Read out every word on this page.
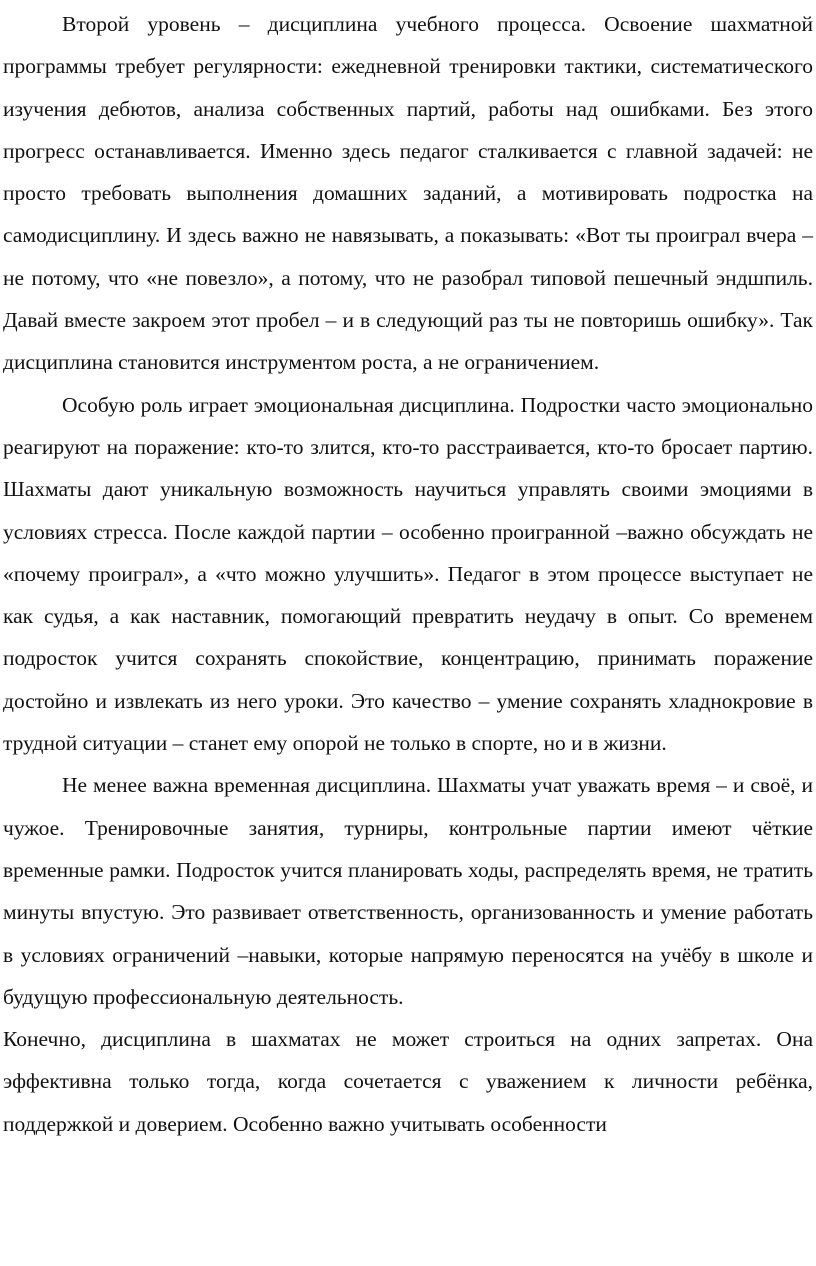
Второй уровень – дисциплина учебного процесса. Освоение шахматной программы требует регулярности: ежедневной тренировки тактики, систематического изучения дебютов, анализа собственных партий, работы над ошибками. Без этого прогресс останавливается. Именно здесь педагог сталкивается с главной задачей: не просто требовать выполнения домашних заданий, а мотивировать подростка на самодисциплину. И здесь важно не навязывать, а показывать: «Вот ты проиграл вчера – не потому, что «не повезло», а потому, что не разобрал типовой пешечный эндшпиль. Давай вместе закроем этот пробел – и в следующий раз ты не повторишь ошибку». Так дисциплина становится инструментом роста, а не ограничением.

Особую роль играет эмоциональная дисциплина. Подростки часто эмоционально реагируют на поражение: кто-то злится, кто-то расстраивается, кто-то бросает партию. Шахматы дают уникальную возможность научиться управлять своими эмоциями в условиях стресса. После каждой партии – особенно проигранной –важно обсуждать не «почему проиграл», а «что можно улучшить». Педагог в этом процессе выступает не как судья, а как наставник, помогающий превратить неудачу в опыт. Со временем подросток учится сохранять спокойствие, концентрацию, принимать поражение достойно и извлекать из него уроки. Это качество – умение сохранять хладнокровие в трудной ситуации – станет ему опорой не только в спорте, но и в жизни.

Не менее важна временная дисциплина. Шахматы учат уважать время – и своё, и чужое. Тренировочные занятия, турниры, контрольные партии имеют чёткие временные рамки. Подросток учится планировать ходы, распределять время, не тратить минуты впустую. Это развивает ответственность, организованность и умение работать в условиях ограничений –навыки, которые напрямую переносятся на учёбу в школе и будущую профессиональную деятельность.

Конечно, дисциплина в шахматах не может строиться на одних запретах. Она эффективна только тогда, когда сочетается с уважением к личности ребёнка, поддержкой и доверием. Особенно важно учитывать особенности
